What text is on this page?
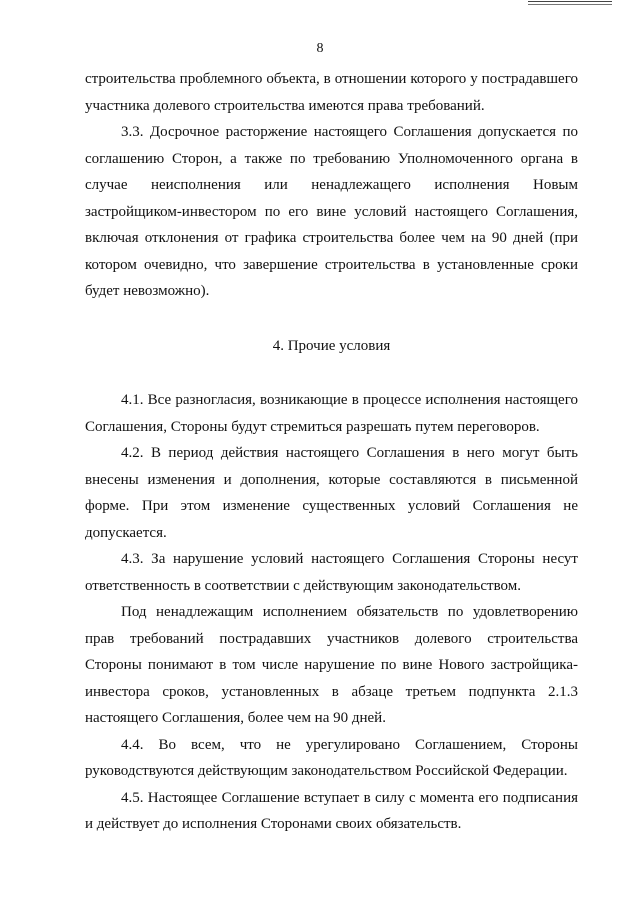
8

строительства проблемного объекта, в отношении которого у пострадавшего участника долевого строительства имеются права требований.

3.3. Досрочное расторжение настоящего Соглашения допускается по соглашению Сторон, а также по требованию Уполномоченного органа в случае неисполнения или ненадлежащего исполнения Новым застройщиком-инвестором по его вине условий настоящего Соглашения, включая отклонения от графика строительства более чем на 90 дней (при котором очевидно, что завершение строительства в установленные сроки будет невозможно).

4. Прочие условия

4.1. Все разногласия, возникающие в процессе исполнения настоящего Соглашения, Стороны будут стремиться разрешать путем переговоров.

4.2. В период действия настоящего Соглашения в него могут быть внесены изменения и дополнения, которые составляются в письменной форме. При этом изменение существенных условий Соглашения не допускается.

4.3. За нарушение условий настоящего Соглашения Стороны несут ответственность в соответствии с действующим законодательством.

Под ненадлежащим исполнением обязательств по удовлетворению прав требований пострадавших участников долевого строительства Стороны понимают в том числе нарушение по вине Нового застройщика-инвестора сроков, установленных в абзаце третьем подпункта 2.1.3 настоящего Соглашения, более чем на 90 дней.

4.4. Во всем, что не урегулировано Соглашением, Стороны руководствуются действующим законодательством Российской Федерации.

4.5. Настоящее Соглашение вступает в силу с момента его подписания и действует до исполнения Сторонами своих обязательств.
